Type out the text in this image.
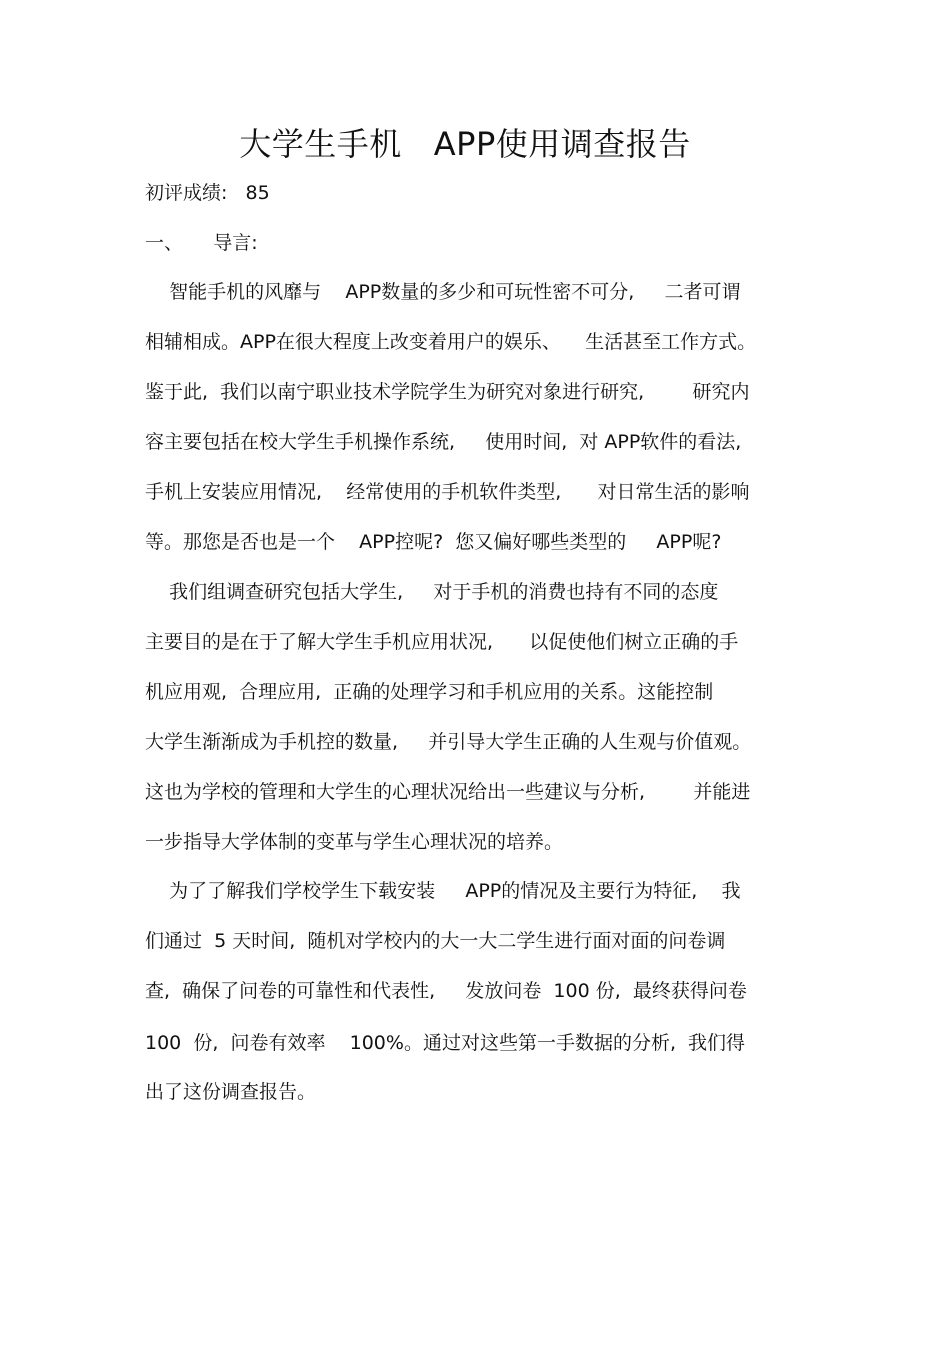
大学生手机   APP使用调查报告
初评成绩:   85
一、     导言:
智能手机的风靡与    APP数量的多少和可玩性密不可分,     二者可谓
相辅相成。APP在很大程度上改变着用户的娱乐、    生活甚至工作方式。
鉴于此,  我们以南宁职业技术学院学生为研究对象进行研究,        研究内
容主要包括在校大学生手机操作系统,     使用时间,  对 APP软件的看法,
手机上安装应用情况,    经常使用的手机软件类型,      对日常生活的影响
等。那您是否也是一个    APP控呢?  您又偏好哪些类型的     APP呢?
我们组调查研究包括大学生,     对于手机的消费也持有不同的态度
主要目的是在于了解大学生手机应用状况,      以促使他们树立正确的手
机应用观,  合理应用,  正确的处理学习和手机应用的关系。这能控制
大学生渐渐成为手机控的数量,     并引导大学生正确的人生观与价值观。
这也为学校的管理和大学生的心理状况给出一些建议与分析,        并能进
一步指导大学体制的变革与学生心理状况的培养。
为了了解我们学校学生下载安装     APP的情况及主要行为特征,    我
们通过  5 天时间,  随机对学校内的大一大二学生进行面对面的问卷调
查,  确保了问卷的可靠性和代表性,     发放问卷  100 份,  最终获得问卷
100  份,  问卷有效率    100%。通过对这些第一手数据的分析,  我们得
出了这份调查报告。
